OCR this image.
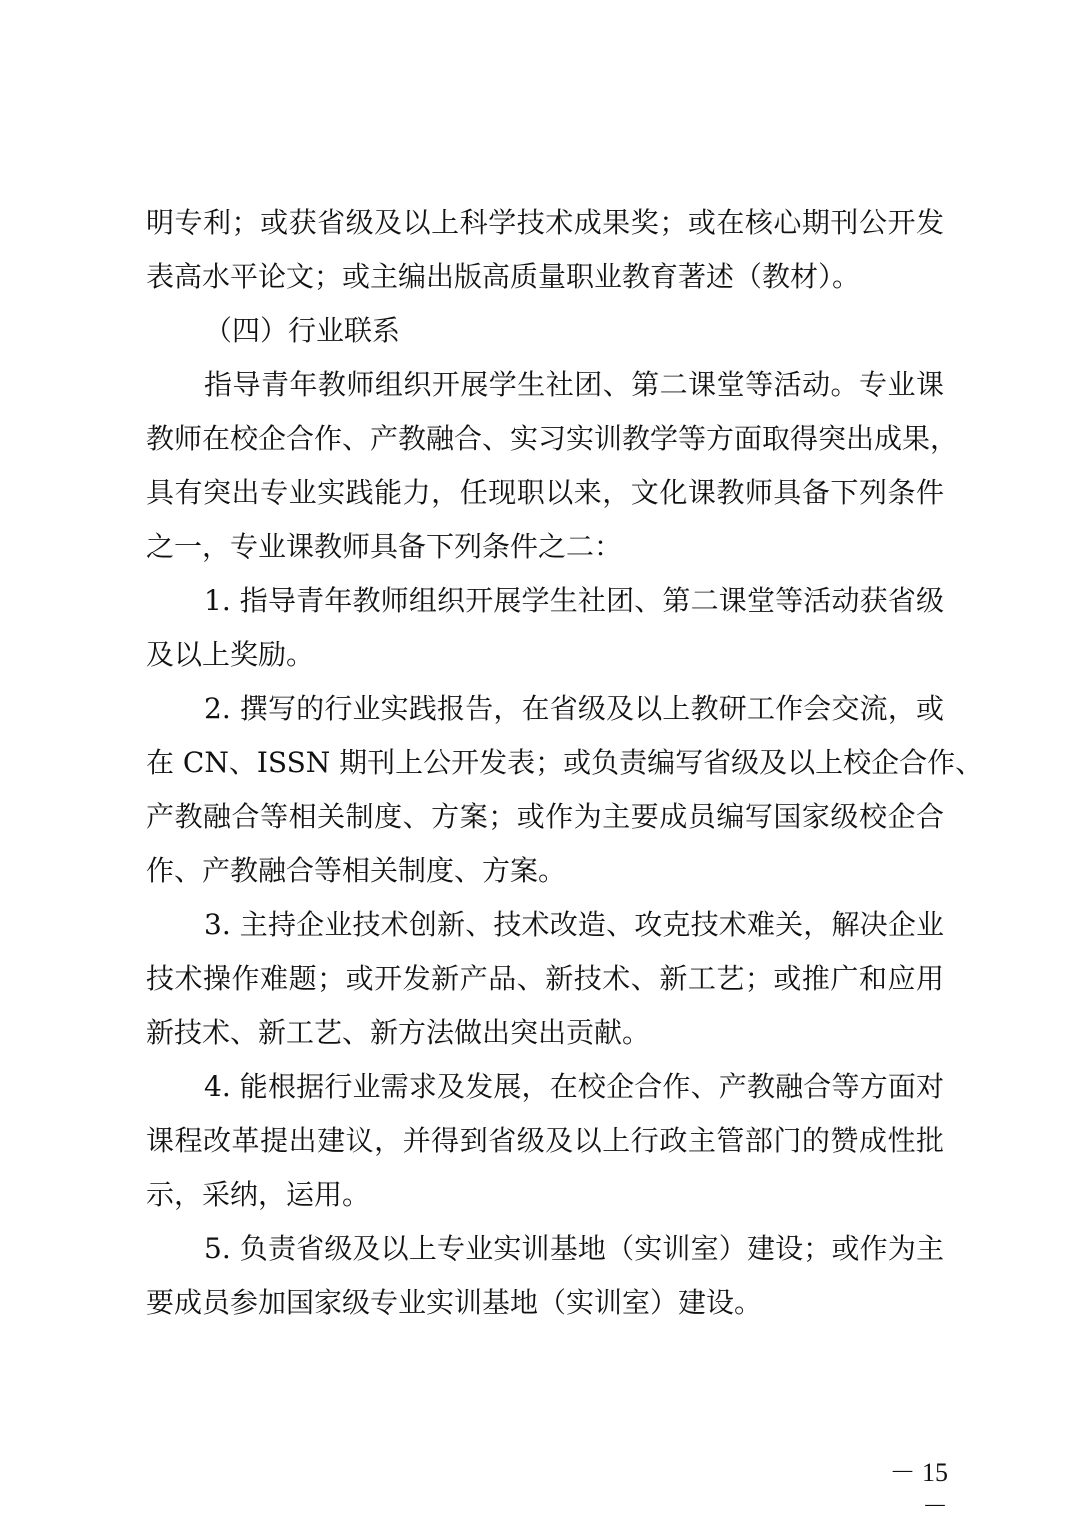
明专利；或获省级及以上科学技术成果奖；或在核心期刊公开发
表高水平论文；或主编出版高质量职业教育著述（教材）。
（四）行业联系
指导青年教师组织开展学生社团、第二课堂等活动。专业课
教师在校企合作、产教融合、实习实训教学等方面取得突出成果，
具有突出专业实践能力，任现职以来，文化课教师具备下列条件
之一，专业课教师具备下列条件之二：
1. 指导青年教师组织开展学生社团、第二课堂等活动获省级
及以上奖励。
2. 撰写的行业实践报告，在省级及以上教研工作会交流，或
在 CN、ISSN 期刊上公开发表；或负责编写省级及以上校企合作、
产教融合等相关制度、方案；或作为主要成员编写国家级校企合
作、产教融合等相关制度、方案。
3. 主持企业技术创新、技术改造、攻克技术难关，解决企业
技术操作难题；或开发新产品、新技术、新工艺；或推广和应用
新技术、新工艺、新方法做出突出贡献。
4. 能根据行业需求及发展，在校企合作、产教融合等方面对
课程改革提出建议，并得到省级及以上行政主管部门的赞成性批
示，采纳，运用。
5. 负责省级及以上专业实训基地（实训室）建设；或作为主
要成员参加国家级专业实训基地（实训室）建设。
－ 15 －
